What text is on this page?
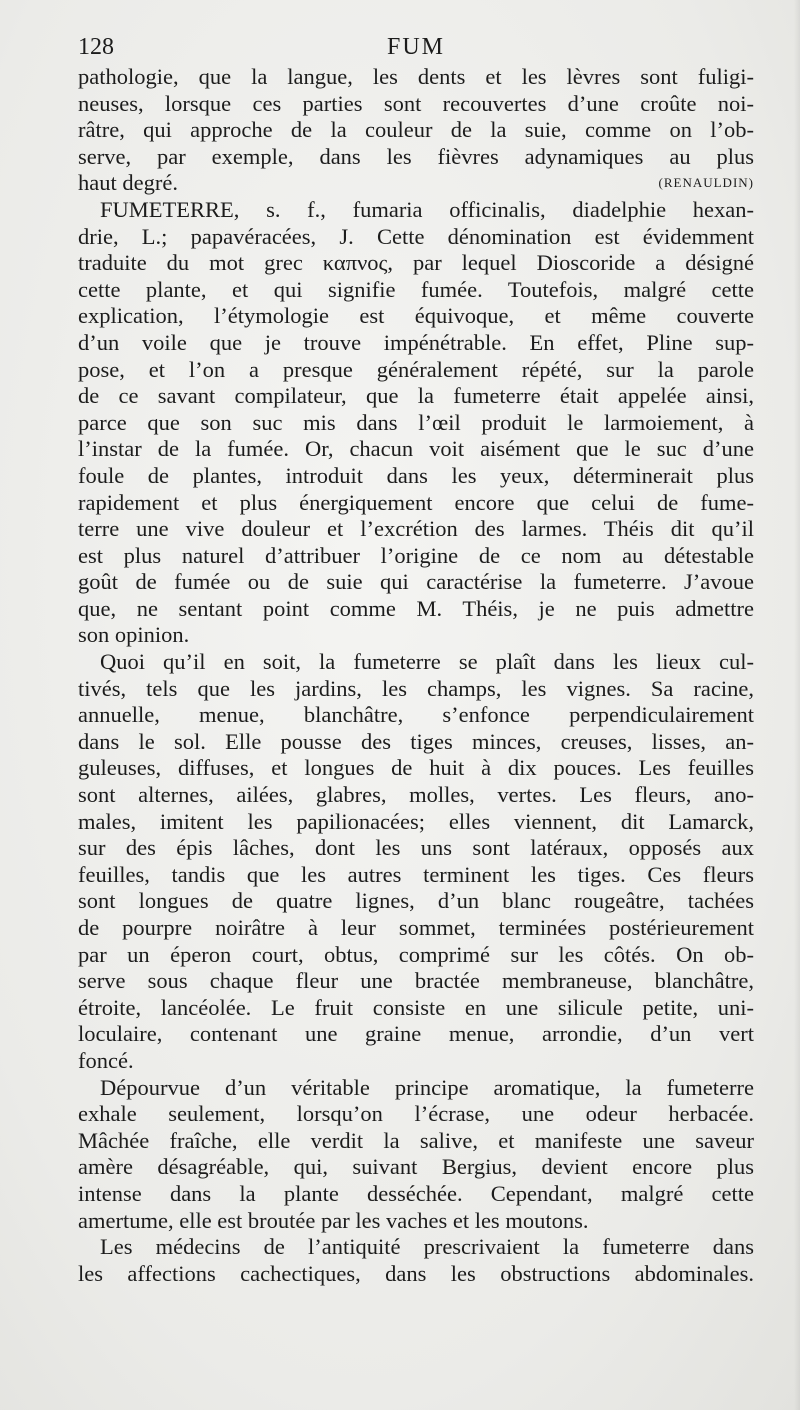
128	FUM
pathologie, que la langue, les dents et les lèvres sont fuligi-
neuses, lorsque ces parties sont recouvertes d’une croûte noi-
râtre, qui approche de la couleur de la suie, comme on l’ob-
serve, par exemple, dans les fièvres adynamiques au plus
haut degré.	(RENAULDIN)
FUMETERRE, s. f., fumaria officinalis, diadelphie hexan-
drie, L.; papavéracées, J. Cette dénomination est évidemment
traduite du mot grec καπνος, par lequel Dioscoride a désigné
cette plante, et qui signifie fumée. Toutefois, malgré cette
explication, l’étymologie est équivoque, et même couverte
d’un voile que je trouve impénétrable. En effet, Pline sup-
pose, et l’on a presque généralement répété, sur la parole
de ce savant compilateur, que la fumeterre était appelée ainsi,
parce que son suc mis dans l’œil produit le larmoiement, à
l’instar de la fumée. Or, chacun voit aisément que le suc d’une
foule de plantes, introduit dans les yeux, déterminerait plus
rapidement et plus énergiquement encore que celui de fume-
terre une vive douleur et l’excrétion des larmes. Théis dit qu’il
est plus naturel d’attribuer l’origine de ce nom au détestable
goût de fumée ou de suie qui caractérise la fumeterre. J’avoue
que, ne sentant point comme M. Théis, je ne puis admettre
son opinion.
Quoi qu’il en soit, la fumeterre se plaît dans les lieux cul-
tivés, tels que les jardins, les champs, les vignes. Sa racine,
annuelle, menue, blanchâtre, s’enfonce perpendiculairement
dans le sol. Elle pousse des tiges minces, creuses, lisses, an-
guleuses, diffuses, et longues de huit à dix pouces. Les feuilles
sont alternes, ailées, glabres, molles, vertes. Les fleurs, ano-
males, imitent les papilionacées; elles viennent, dit Lamarck,
sur des épis lâches, dont les uns sont latéraux, opposés aux
feuilles, tandis que les autres terminent les tiges. Ces fleurs
sont longues de quatre lignes, d’un blanc rougeâtre, tachées
de pourpre noirâtre à leur sommet, terminées postérieurement
par un éperon court, obtus, comprimé sur les côtés. On ob-
serve sous chaque fleur une bractée membraneuse, blanchâtre,
étroite, lancéolée. Le fruit consiste en une silicule petite, uni-
loculaire, contenant une graine menue, arrondie, d’un vert
foncé.
Dépourvue d’un véritable principe aromatique, la fumeterre
exhale seulement, lorsqu’on l’écrase, une odeur herbacée.
Mâchée fraîche, elle verdit la salive, et manifeste une saveur
amère désagréable, qui, suivant Bergius, devient encore plus
intense dans la plante desséchée. Cependant, malgré cette
amertume, elle est broutée par les vaches et les moutons.
Les médecins de l’antiquité prescrivaient la fumeterre dans
les affections cachectiques, dans les obstructions abdominales.
